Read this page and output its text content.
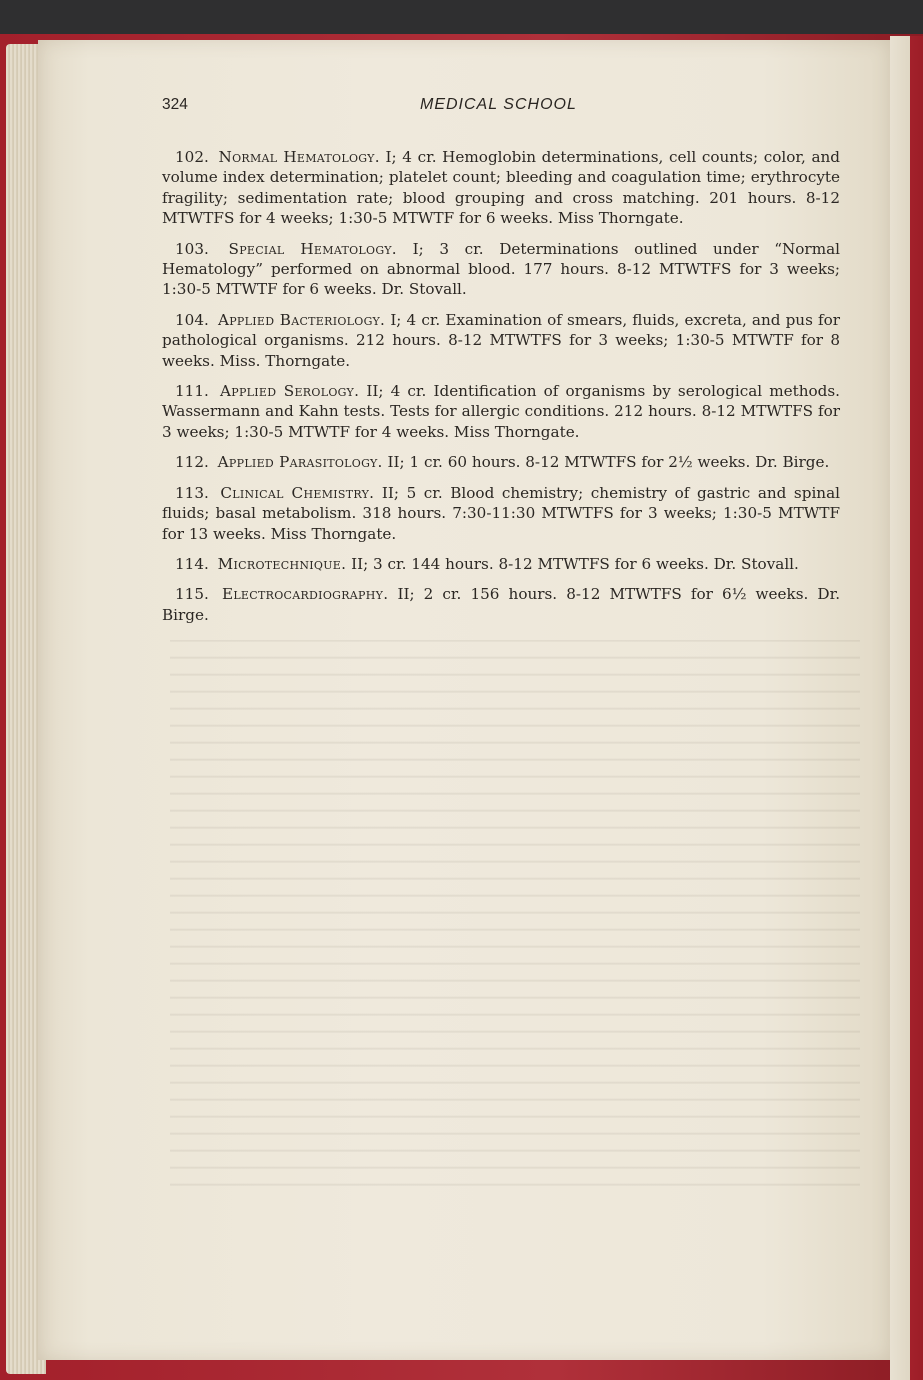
324	MEDICAL SCHOOL

102. Normal Hematology. I; 4 cr. Hemoglobin determinations, cell counts; color, and volume index determination; platelet count; bleeding and coagulation time; erythrocyte fragility; sedimentation rate; blood grouping and cross matching. 201 hours. 8-12 MTWTFS for 4 weeks; 1:30-5 MTWTF for 6 weeks. Miss Thorngate.

103. Special Hematology. I; 3 cr. Determinations outlined under “Normal Hematology” performed on abnormal blood. 177 hours. 8-12 MTWTFS for 3 weeks; 1:30-5 MTWTF for 6 weeks. Dr. Stovall.

104. Applied Bacteriology. I; 4 cr. Examination of smears, fluids, excreta, and pus for pathological organisms. 212 hours. 8-12 MTWTFS for 3 weeks; 1:30-5 MTWTF for 8 weeks. Miss. Thorngate.

111. Applied Serology. II; 4 cr. Identification of organisms by serological methods. Wassermann and Kahn tests. Tests for allergic conditions. 212 hours. 8-12 MTWTFS for 3 weeks; 1:30-5 MTWTF for 4 weeks. Miss Thorngate.

112. Applied Parasitology. II; 1 cr. 60 hours. 8-12 MTWTFS for 2½ weeks. Dr. Birge.

113. Clinical Chemistry. II; 5 cr. Blood chemistry; chemistry of gastric and spinal fluids; basal metabolism. 318 hours. 7:30-11:30 MTWTFS for 3 weeks; 1:30-5 MTWTF for 13 weeks. Miss Thorngate.

114. Microtechnique. II; 3 cr. 144 hours. 8-12 MTWTFS for 6 weeks. Dr. Stovall.

115. Electrocardiography. II; 2 cr. 156 hours. 8-12 MTWTFS for 6½ weeks. Dr. Birge.
